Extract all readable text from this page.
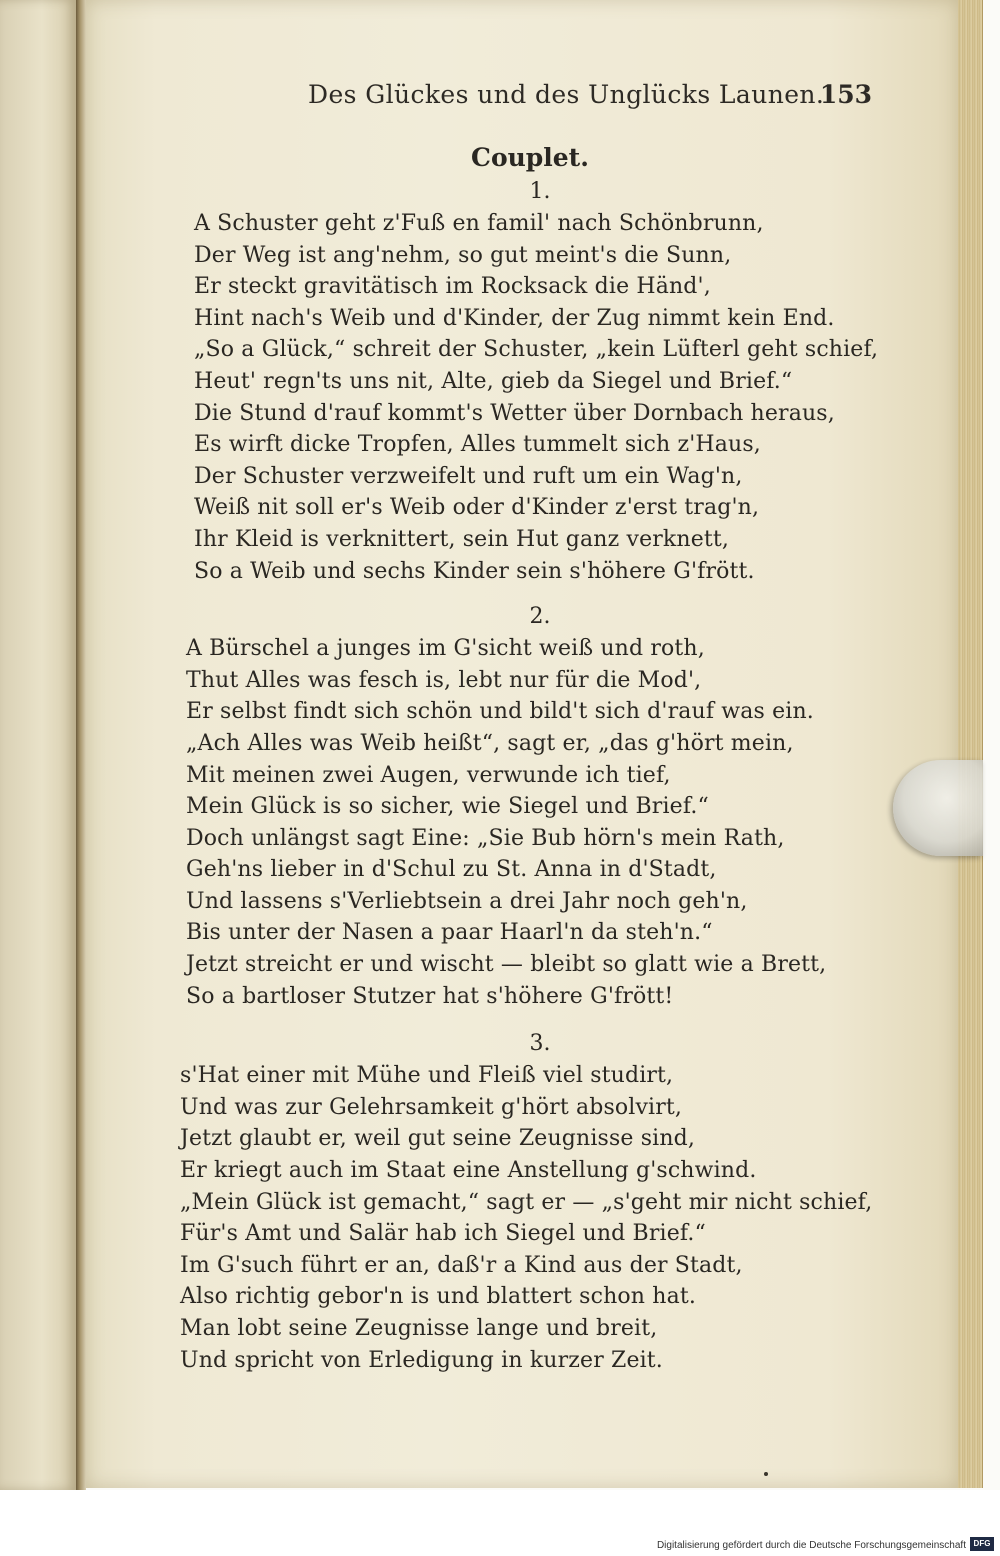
Des Glückes und des Unglücks Launen.
153
Couplet.
1.
A Schuster geht z'Fuß en famil' nach Schönbrunn,
Der Weg ist ang'nehm, so gut meint's die Sunn,
Er steckt gravitätisch im Rocksack die Händ',
Hint nach's Weib und d'Kinder, der Zug nimmt kein End.
„So a Glück,“ schreit der Schuster, „kein Lüfterl geht schief,
Heut' regn'ts uns nit, Alte, gieb da Siegel und Brief.“
Die Stund d'rauf kommt's Wetter über Dornbach heraus,
Es wirft dicke Tropfen, Alles tummelt sich z'Haus,
Der Schuster verzweifelt und ruft um ein Wag'n,
Weiß nit soll er's Weib oder d'Kinder z'erst trag'n,
Ihr Kleid is verknittert, sein Hut ganz verknett,
So a Weib und sechs Kinder sein s'höhere G'frött.
2.
A Bürschel a junges im G'sicht weiß und roth,
Thut Alles was fesch is, lebt nur für die Mod',
Er selbst findt sich schön und bild't sich d'rauf was ein.
„Ach Alles was Weib heißt“, sagt er, „das g'hört mein,
Mit meinen zwei Augen, verwunde ich tief,
Mein Glück is so sicher, wie Siegel und Brief.“
Doch unlängst sagt Eine: „Sie Bub hörn's mein Rath,
Geh'ns lieber in d'Schul zu St. Anna in d'Stadt,
Und lassens s'Verliebtsein a drei Jahr noch geh'n,
Bis unter der Nasen a paar Haarl'n da steh'n.“
Jetzt streicht er und wischt — bleibt so glatt wie a Brett,
So a bartloser Stutzer hat s'höhere G'frött!
3.
s'Hat einer mit Mühe und Fleiß viel studirt,
Und was zur Gelehrsamkeit g'hört absolvirt,
Jetzt glaubt er, weil gut seine Zeugnisse sind,
Er kriegt auch im Staat eine Anstellung g'schwind.
„Mein Glück ist gemacht,“ sagt er — „s'geht mir nicht schief,
Für's Amt und Salär hab ich Siegel und Brief.“
Im G'such führt er an, daß'r a Kind aus der Stadt,
Also richtig gebor'n is und blattert schon hat.
Man lobt seine Zeugnisse lange und breit,
Und spricht von Erledigung in kurzer Zeit.
Digitalisierung gefördert durch die Deutsche Forschungsgemeinschaft DFG
